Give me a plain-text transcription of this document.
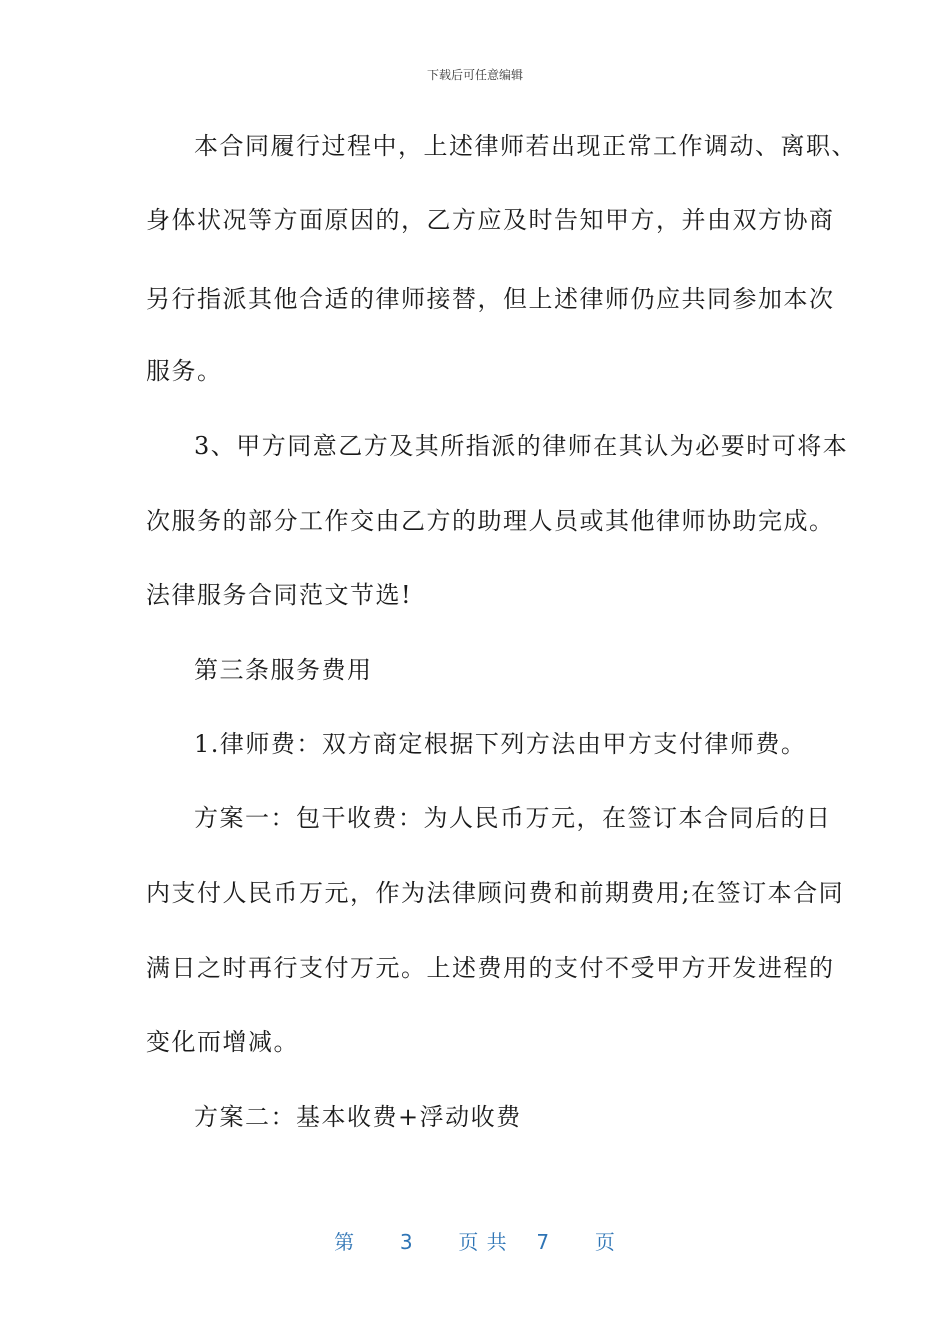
下载后可任意编辑
本合同履行过程中，上述律师若出现正常工作调动、离职、
身体状况等方面原因的，乙方应及时告知甲方，并由双方协商
另行指派其他合适的律师接替，但上述律师仍应共同参加本次
服务。
3、甲方同意乙方及其所指派的律师在其认为必要时可将本
次服务的部分工作交由乙方的助理人员或其他律师协助完成。
法律服务合同范文节选!
第三条服务费用
1.律师费：双方商定根据下列方法由甲方支付律师费。
方案一：包干收费：为人民币万元，在签订本合同后的日
内支付人民币万元，作为法律顾问费和前期费用;在签订本合同
满日之时再行支付万元。上述费用的支付不受甲方开发进程的
变化而增减。
方案二：基本收费+浮动收费
第 3 页 共 7 页
